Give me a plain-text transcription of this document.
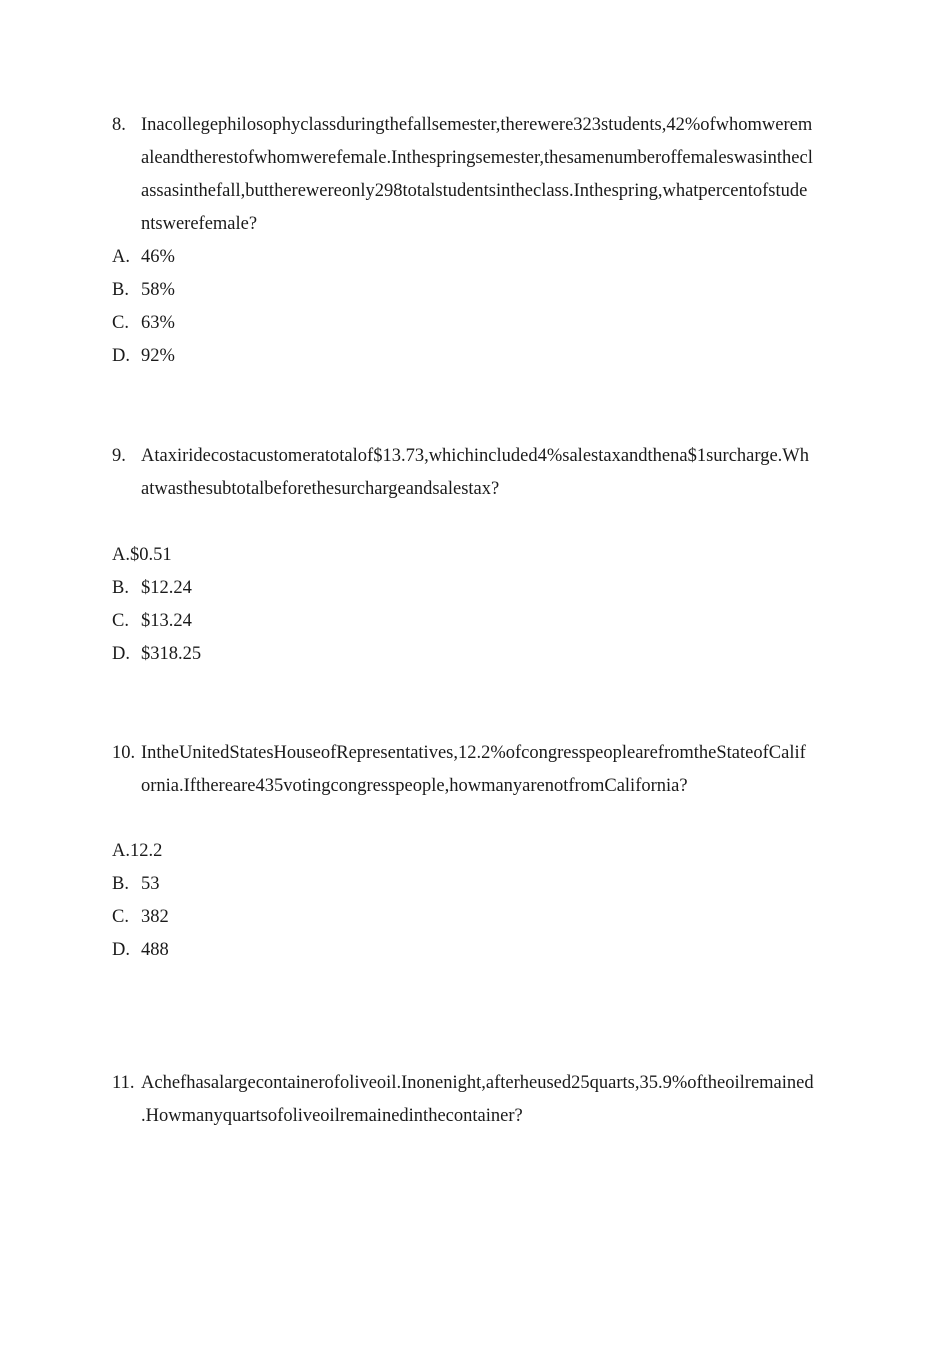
8. Inacollegephilosophyclassduringthefallsemester,therewere323students,42%ofwhomwerem
aleandtherestofwhomwerefemale.Inthespringsemester,thesamenumberoffemaleswasinthecl
assasinthefall,buttherewereonly298totalstudentsintheclass.Inthespring,whatpercentofstude
ntswerefemale?
A. 46%
B. 58%
C. 63%
D. 92%
9. Ataxiridecostacustomeratotalof$13.73,whichincluded4%salestaxandthena$1surcharge.Wh
atwasthesubtotalbeforethesurchargeandsalestax?
A. $0.51
B. $12.24
C. $13.24
D. $318.25
10. IntheUnitedStatesHouseofRepresentatives,12.2%ofcongresspeoplearefromtheStateofCalif
ornia.Ifthereare435votingcongresspeople,howmanyarenotfromCalifornia?
A. 12.2
B. 53
C. 382
D. 488
11. Achefhasalargecontainerofoliveoil.Inonenight,afterheused25quarts,35.9%oftheoilremained
.Howmanyquartsofoliveoilremainedinthecontainer?
